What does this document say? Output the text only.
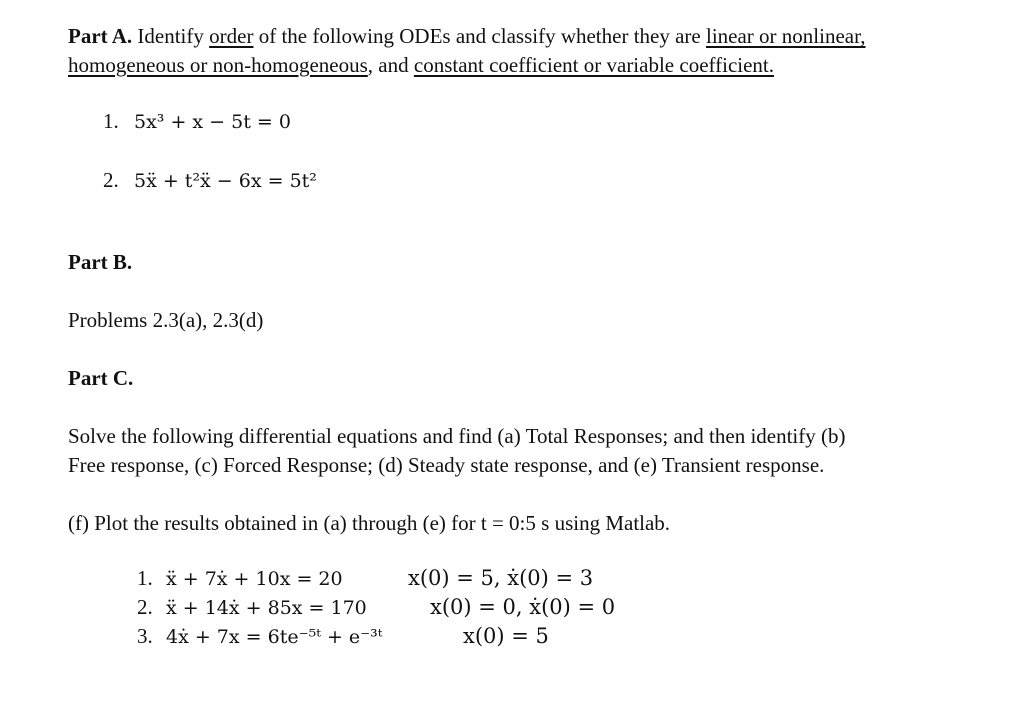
Part A. Identify order of the following ODEs and classify whether they are linear or nonlinear,
homogeneous or non-homogeneous, and constant coefficient or variable coefficient.
1. 5x³ + x − 5t = 0
2. 5ẍ + t²ẍ − 6x = 5t²
Part B.
Problems 2.3(a), 2.3(d)
Part C.
Solve the following differential equations and find (a) Total Responses; and then identify (b)
Free response, (c) Forced Response; (d) Steady state response, and (e) Transient response.
(f) Plot the results obtained in (a) through (e) for t = 0:5 s using Matlab.
1. ẍ + 7ẋ + 10x = 20	x(0) = 5, ẋ(0) = 3
2. ẍ + 14ẋ + 85x = 170	x(0) = 0, ẋ(0) = 0
3. 4ẋ + 7x = 6te⁻⁵ᵗ + e⁻³ᵗ	x(0) = 5
